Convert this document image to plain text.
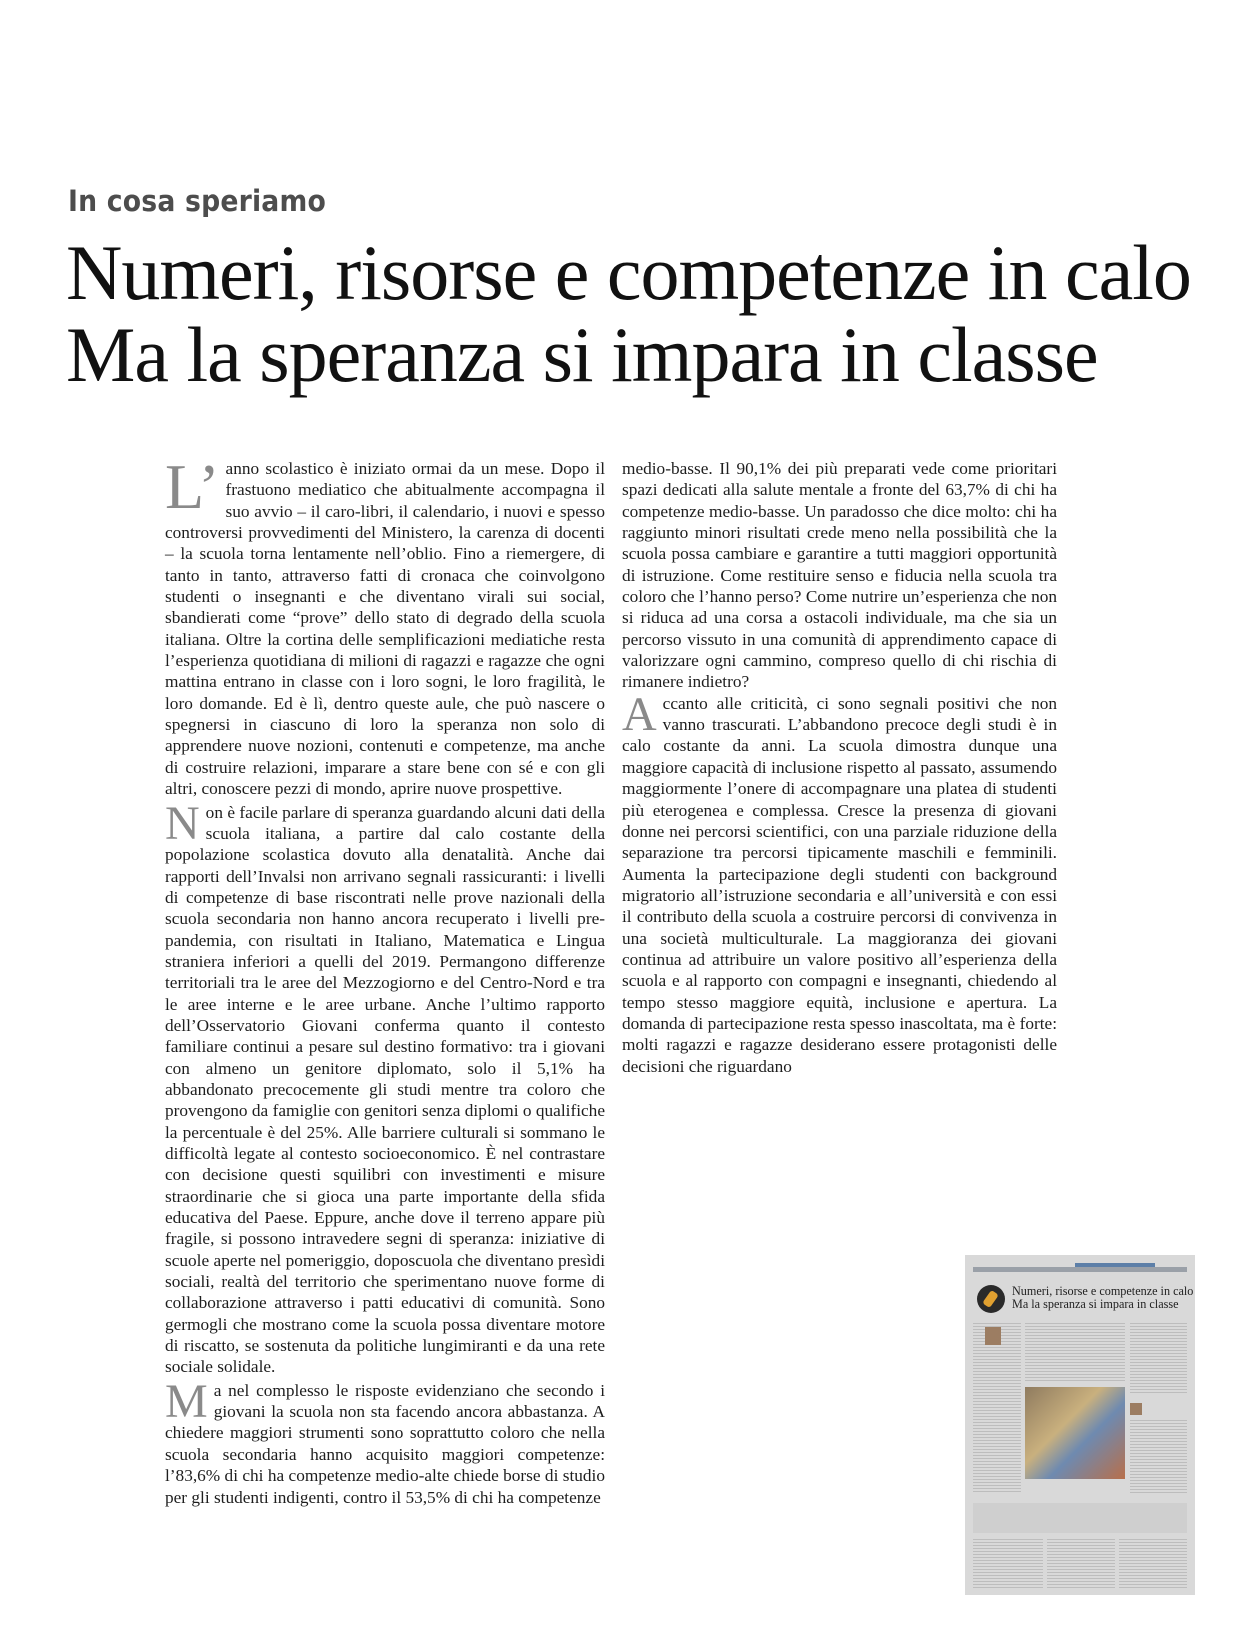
In cosa speriamo
Numeri, risorse e competenze in calo
Ma la speranza si impara in classe

L’ anno scolastico è iniziato ormai da un mese. Dopo il frastuono mediatico che abitualmente accompagna il suo avvio – il caro-libri, il calendario, i nuovi e spesso controversi provvedimenti del Ministero, la carenza di docenti – la scuola torna lentamente nell’oblio. Fino a riemergere, di tanto in tanto, attraverso fatti di cronaca che coinvolgono studenti o insegnanti e che diventano virali sui social, sbandierati come “prove” dello stato di degrado della scuola italiana. Oltre la cortina delle semplificazioni mediatiche resta l’esperienza quotidiana di milioni di ragazzi e ragazze che ogni mattina entrano in classe con i loro sogni, le loro fragilità, le loro domande. Ed è lì, dentro queste aule, che può nascere o spegnersi in ciascuno di loro la speranza non solo di apprendere nuove nozioni, contenuti e competenze, ma anche di costruire relazioni, imparare a stare bene con sé e con gli altri, conoscere pezzi di mondo, aprire nuove prospettive.

Non è facile parlare di speranza guardando alcuni dati della scuola italiana, a partire dal calo costante della popolazione scolastica dovuto alla denatalità. Anche dai rapporti dell’Invalsi non arrivano segnali rassicuranti: i livelli di competenze di base riscontrati nelle prove nazionali della scuola secondaria non hanno ancora recuperato i livelli pre-pandemia, con risultati in Italiano, Matematica e Lingua straniera inferiori a quelli del 2019. Permangono differenze territoriali tra le aree del Mezzogiorno e del Centro-Nord e tra le aree interne e le aree urbane. Anche l’ultimo rapporto dell’Osservatorio Giovani conferma quanto il contesto familiare continui a pesare sul destino formativo: tra i giovani con almeno un genitore diplomato, solo il 5,1% ha abbandonato precocemente gli studi mentre tra coloro che provengono da famiglie con genitori senza diplomi o qualifiche la percentuale è del 25%. Alle barriere culturali si sommano le difficoltà legate al contesto socioeconomico. È nel contrastare con decisione questi squilibri con investimenti e misure straordinarie che si gioca una parte importante della sfida educativa del Paese. Eppure, anche dove il terreno appare più fragile, si possono intravedere segni di speranza: iniziative di scuole aperte nel pomeriggio, doposcuola che diventano presìdi sociali, realtà del territorio che sperimentano nuove forme di collaborazione attraverso i patti educativi di comunità. Sono germogli che mostrano come la scuola possa diventare motore di riscatto, se sostenuta da politiche lungimiranti e da una rete sociale solidale.

Ma nel complesso le risposte evidenziano che secondo i giovani la scuola non sta facendo ancora abbastanza. A chiedere maggiori strumenti sono soprattutto coloro che nella scuola secondaria hanno acquisito maggiori competenze: l’83,6% di chi ha competenze medio-alte chiede borse di studio per gli studenti indigenti, contro il 53,5% di chi ha competenze

medio-basse. Il 90,1% dei più preparati vede come prioritari spazi dedicati alla salute mentale a fronte del 63,7% di chi ha competenze medio-basse. Un paradosso che dice molto: chi ha raggiunto minori risultati crede meno nella possibilità che la scuola possa cambiare e garantire a tutti maggiori opportunità di istruzione. Come restituire senso e fiducia nella scuola tra coloro che l’hanno perso? Come nutrire un’esperienza che non si riduca ad una corsa a ostacoli individuale, ma che sia un percorso vissuto in una comunità di apprendimento capace di valorizzare ogni cammino, compreso quello di chi rischia di rimanere indietro?

Accanto alle criticità, ci sono segnali positivi che non vanno trascurati. L’abbandono precoce degli studi è in calo costante da anni. La scuola dimostra dunque una maggiore capacità di inclusione rispetto al passato, assumendo maggiormente l’onere di accompagnare una platea di studenti più eterogenea e complessa. Cresce la presenza di giovani donne nei percorsi scientifici, con una parziale riduzione della separazione tra percorsi tipicamente maschili e femminili. Aumenta la partecipazione degli studenti con background migratorio all’istruzione secondaria e all’università e con essi il contributo della scuola a costruire percorsi di convivenza in una società multiculturale. La maggioranza dei giovani continua ad attribuire un valore positivo all’esperienza della scuola e al rapporto con compagni e insegnanti, chiedendo al tempo stesso maggiore equità, inclusione e apertura. La domanda di partecipazione resta spesso inascoltata, ma è forte: molti ragazzi e ragazze desiderano essere protagonisti delle decisioni che riguardano

Numeri, risorse e competenze in calo
Ma la speranza si impara in classe
